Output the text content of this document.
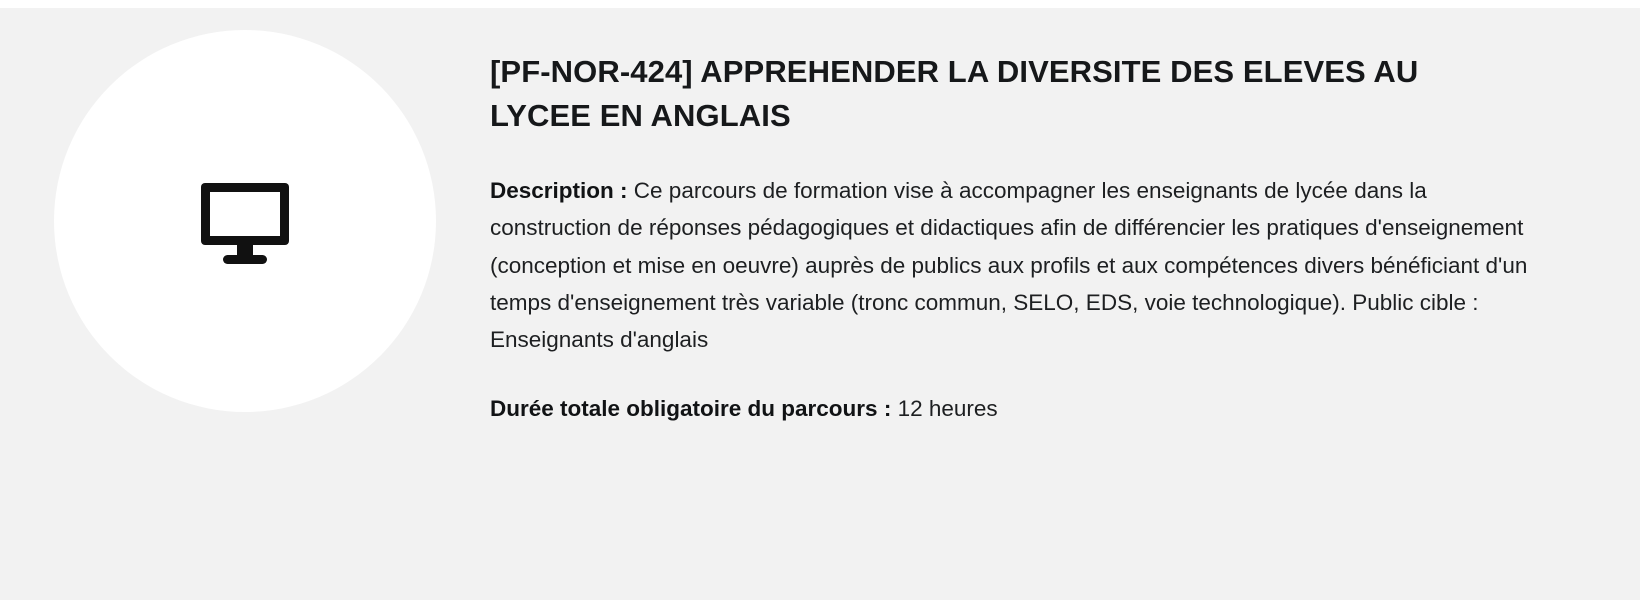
[PF-NOR-424] APPREHENDER LA DIVERSITE DES ELEVES AU LYCEE EN ANGLAIS

Description : Ce parcours de formation vise à accompagner les enseignants de lycée dans la construction de réponses pédagogiques et didactiques afin de différencier les pratiques d'enseignement (conception et mise en oeuvre) auprès de publics aux profils et aux compétences divers bénéficiant d'un temps d'enseignement très variable (tronc commun, SELO, EDS, voie technologique). Public cible : Enseignants d'anglais

Durée totale obligatoire du parcours : 12 heures
